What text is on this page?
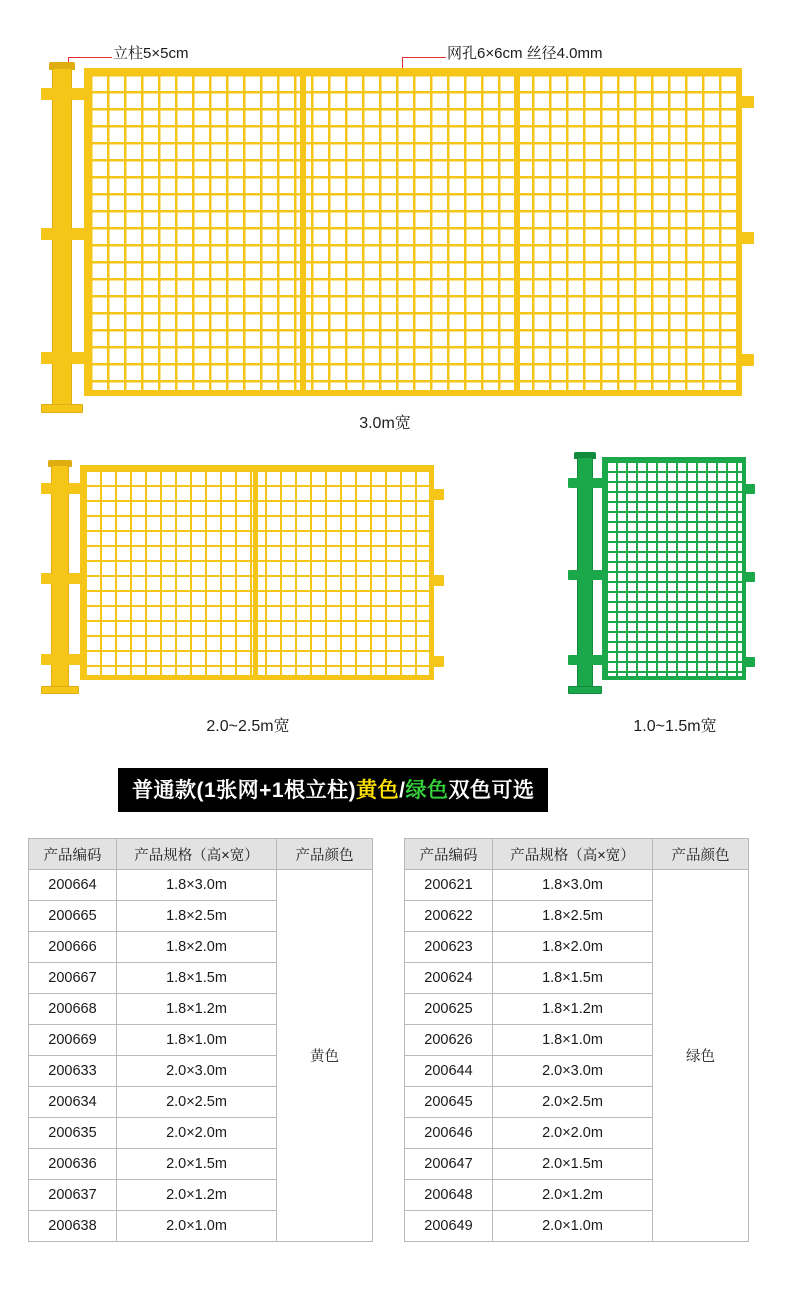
立柱5×5cm	网孔6×6cm 丝径4.0mm
3.0m宽
2.0~2.5m宽	1.0~1.5m宽
普通款(1张网+1根立柱)黄色/绿色双色可选
产品编码	产品规格（高×宽）	产品颜色
200664	1.8×3.0m	黄色
200665	1.8×2.5m	
200666	1.8×2.0m	
200667	1.8×1.5m	
200668	1.8×1.2m	
200669	1.8×1.0m	
200633	2.0×3.0m	
200634	2.0×2.5m	
200635	2.0×2.0m	
200636	2.0×1.5m	
200637	2.0×1.2m	
200638	2.0×1.0m	
产品编码	产品规格（高×宽）	产品颜色
200621	1.8×3.0m	绿色
200622	1.8×2.5m	
200623	1.8×2.0m	
200624	1.8×1.5m	
200625	1.8×1.2m	
200626	1.8×1.0m	
200644	2.0×3.0m	
200645	2.0×2.5m	
200646	2.0×2.0m	
200647	2.0×1.5m	
200648	2.0×1.2m	
200649	2.0×1.0m	
